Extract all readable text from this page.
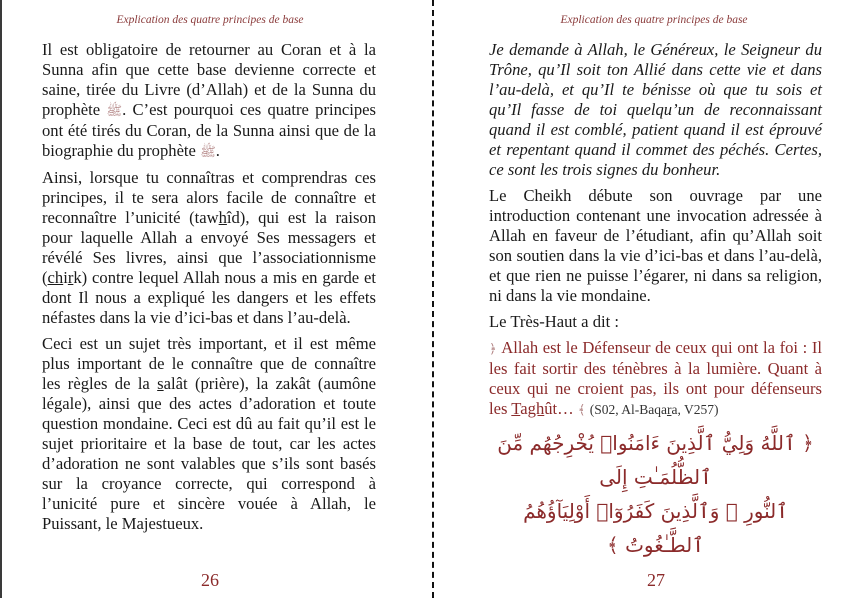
Explication des quatre principes de base

Il est obligatoire de retourner au Coran et à la Sunna afin que cette base devienne correcte et saine, tirée du Livre (d’Allah) et de la Sunna du prophète ﷺ. C’est pourquoi ces quatre principes ont été tirés du Coran, de la Sunna ainsi que de la biographie du prophète ﷺ.

Ainsi, lorsque tu connaîtras et comprendras ces principes, il te sera alors facile de connaître et reconnaître l’unicité (tawhîd), qui est la raison pour laquelle Allah a envoyé Ses messagers et révélé Ses livres, ainsi que l’associationnisme (chirk) contre lequel Allah nous a mis en garde et dont Il nous a expliqué les dangers et les effets néfastes dans la vie d’ici-bas et dans l’au-delà.

Ceci est un sujet très important, et il est même plus important de le connaître que de connaître les règles de la salât (prière), la zakât (aumône légale), ainsi que des actes d’adoration et toute question mondaine. Ceci est dû au fait qu’il est le sujet prioritaire et la base de tout, car les actes d’adoration ne sont valables que s’ils sont basés sur la croyance correcte, qui correspond à l’unicité pure et sincère vouée à Allah, le Puissant, le Majestueux.

26
Explication des quatre principes de base

Je demande à Allah, le Généreux, le Seigneur du Trône, qu’Il soit ton Allié dans cette vie et dans l’au-delà, et qu’Il te bénisse où que tu sois et qu’Il fasse de toi quelqu’un de reconnaissant quand il est comblé, patient quand il est éprouvé et repentant quand il commet des péchés. Certes, ce sont les trois signes du bonheur.

Le Cheikh débute son ouvrage par une introduction contenant une invocation adressée à Allah en faveur de l’étudiant, afin qu’Allah soit son soutien dans la vie d’ici-bas et dans l’au-delà, et que rien ne puisse l’égarer, ni dans sa religion, ni dans la vie mondaine.

Le Très-Haut a dit :

﴿ Allah est le Défenseur de ceux qui ont la foi : Il les fait sortir des ténèbres à la lumière. Quant à ceux qui ne croient pas, ils ont pour défenseurs les Taghût… ﴾ (S02, Al-Baqara, V257)

﴿ ٱللَّهُ وَلِيُّ ٱلَّذِينَ ءَامَنُوا۟ يُخْرِجُهُم مِّنَ ٱلظُّلُمَـٰتِ إِلَى
ٱلنُّورِ ۖ وَٱلَّذِينَ كَفَرُوٓا۟ أَوْلِيَآؤُهُمُ ٱلطَّـٰغُوتُ ﴾
27
